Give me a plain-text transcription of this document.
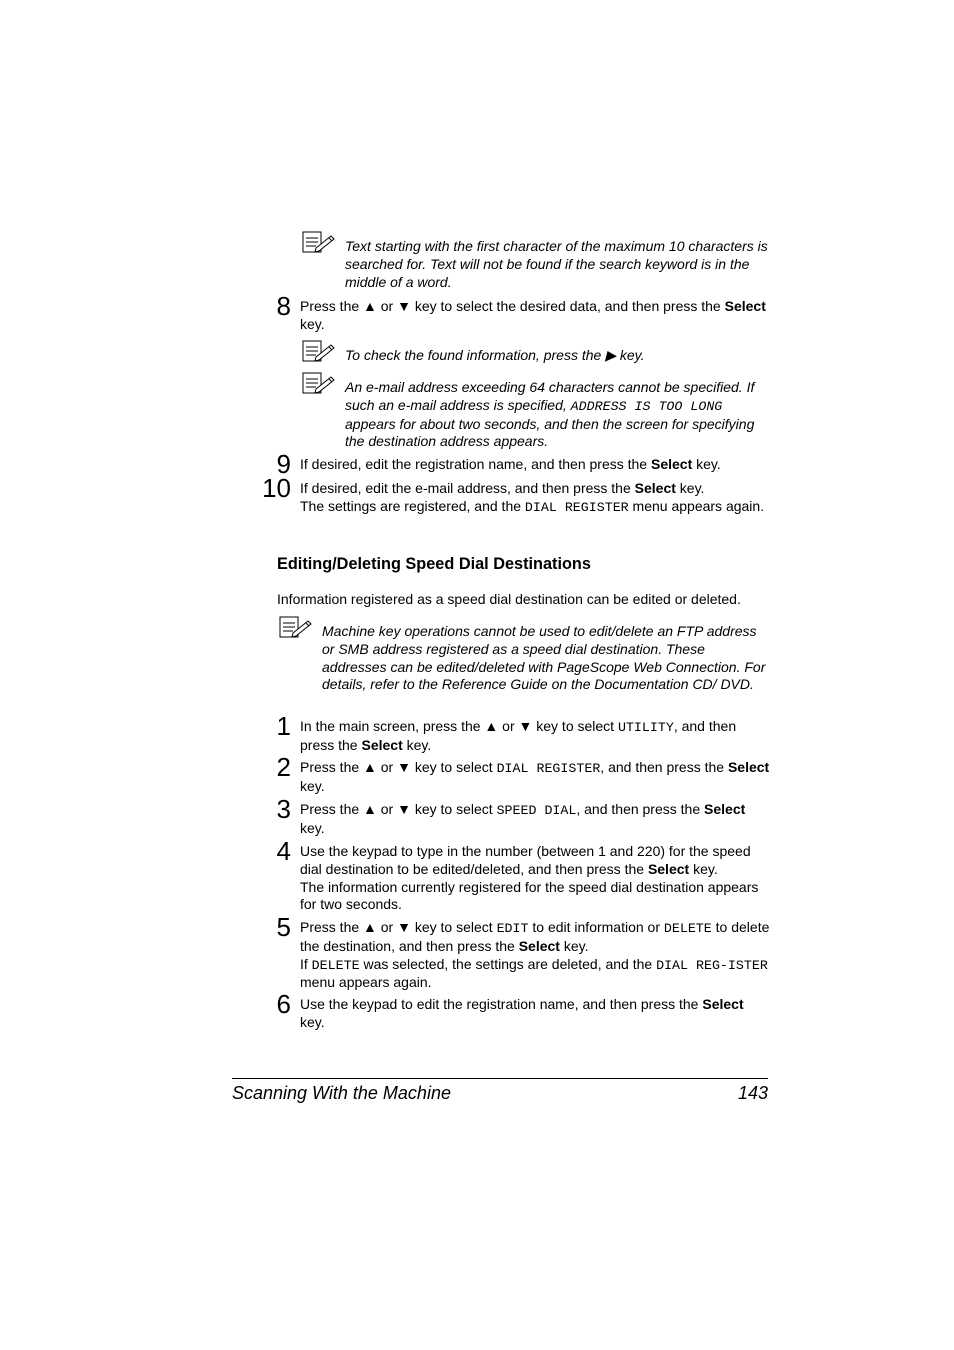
Text starting with the first character of the maximum 10 characters is searched for. Text will not be found if the search keyword is in the middle of a word.
8 Press the ▲ or ▼ key to select the desired data, and then press the Select key.
To check the found information, press the ▶ key.
An e-mail address exceeding 64 characters cannot be specified. If such an e-mail address is specified, ADDRESS IS TOO LONG appears for about two seconds, and then the screen for specifying the destination address appears.
9 If desired, edit the registration name, and then press the Select key.
10 If desired, edit the e-mail address, and then press the Select key.
The settings are registered, and the DIAL REGISTER menu appears again.
Editing/Deleting Speed Dial Destinations
Information registered as a speed dial destination can be edited or deleted.
Machine key operations cannot be used to edit/delete an FTP address or SMB address registered as a speed dial destination. These addresses can be edited/deleted with PageScope Web Connection. For details, refer to the Reference Guide on the Documentation CD/ DVD.
1 In the main screen, press the ▲ or ▼ key to select UTILITY, and then press the Select key.
2 Press the ▲ or ▼ key to select DIAL REGISTER, and then press the Select key.
3 Press the ▲ or ▼ key to select SPEED DIAL, and then press the Select key.
4 Use the keypad to type in the number (between 1 and 220) for the speed dial destination to be edited/deleted, and then press the Select key.
The information currently registered for the speed dial destination appears for two seconds.
5 Press the ▲ or ▼ key to select EDIT to edit information or DELETE to delete the destination, and then press the Select key.
If DELETE was selected, the settings are deleted, and the DIAL REG-ISTER menu appears again.
6 Use the keypad to edit the registration name, and then press the Select key.
Scanning With the Machine	143
